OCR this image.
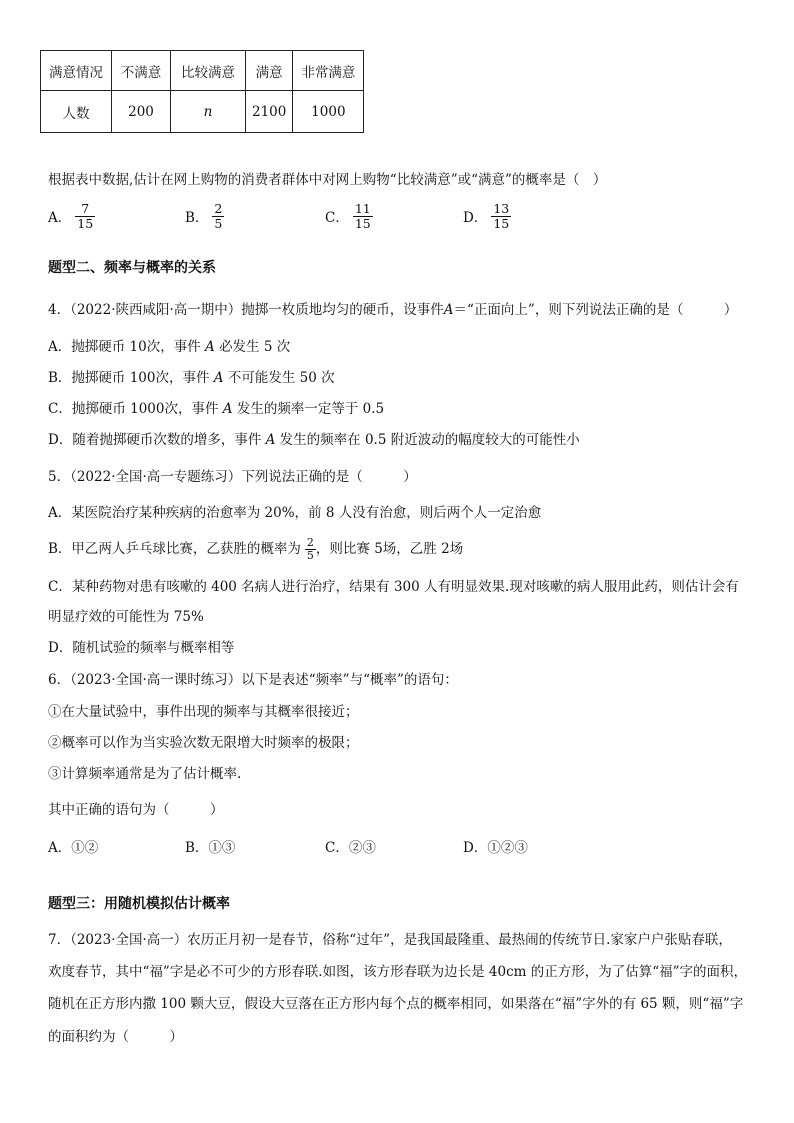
满意情况	不满意	比较满意	满意	非常满意
人数	200	n	2100	1000
根据表中数据,估计在网上购物的消费者群体中对网上购物“比较满意”或“满意”的概率是（　）
A． $\frac{7}{15}$	B． $\frac{2}{5}$	C． $\frac{11}{15}$	D． $\frac{13}{15}$
题型二、频率与概率的关系
4．（2022·陕西咸阳·高一期中）抛掷一枚质地均匀的硬币，设事件A＝“正面向上”，则下列说法正确的是（　　　）
A．抛掷硬币 10次，事件 A 必发生 5 次
B．抛掷硬币 100次，事件 A 不可能发生 50 次
C．抛掷硬币 1000次，事件 A 发生的频率一定等于 0.5
D．随着抛掷硬币次数的增多，事件 A 发生的频率在 0.5 附近波动的幅度较大的可能性小
5．（2022·全国·高一专题练习）下列说法正确的是（　　　）
A．某医院治疗某种疾病的治愈率为 20%，前 8 人没有治愈，则后两个人一定治愈
B．甲乙两人乒乓球比赛，乙获胜的概率为 $\frac{2}{5}$ ，则比赛 5场，乙胜 2场
C．某种药物对患有咳嗽的 400 名病人进行治疗，结果有 300 人有明显效果.现对咳嗽的病人服用此药，则估计会有
明显疗效的可能性为 75%
D．随机试验的频率与概率相等
6．（2023·全国·高一课时练习）以下是表述“频率”与“概率”的语句：
①在大量试验中，事件出现的频率与其概率很接近；
②概率可以作为当实验次数无限增大时频率的极限；
③计算频率通常是为了估计概率.
其中正确的语句为（　　　）
A．①②	B．①③	C．②③	D．①②③
题型三：用随机模拟估计概率
7．（2023·全国·高一）农历正月初一是春节，俗称“过年”，是我国最隆重、最热闹的传统节日.家家户户张贴春联，
欢度春节，其中“福”字是必不可少的方形春联.如图，该方形春联为边长是 40cm 的正方形，为了估算“福”字的面积，
随机在正方形内撒 100 颗大豆，假设大豆落在正方形内每个点的概率相同，如果落在“福”字外的有 65 颗，则“福”字
的面积约为（　　　）
